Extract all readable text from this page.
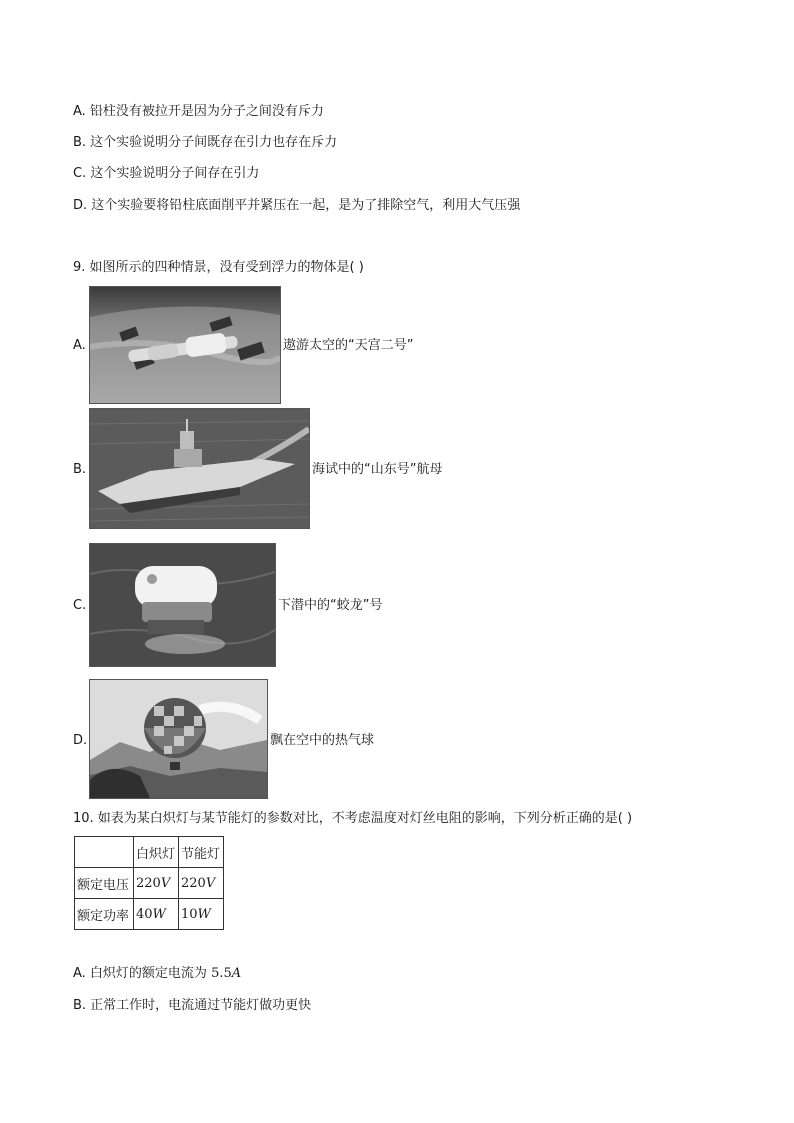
A. 铅柱没有被拉开是因为分子之间没有斥力
B. 这个实验说明分子间既存在引力也存在斥力
C. 这个实验说明分子间存在引力
D. 这个实验要将铅柱底面削平并紧压在一起，是为了排除空气，利用大气压强
9. 如图所示的四种情景，没有受到浮力的物体是( )
A.	遨游太空的“天宫二号”
B.	海试中的“山东号”航母
C.	下潜中的“蛟龙”号
D.	飘在空中的热气球
10. 如表为某白炽灯与某节能灯的参数对比，不考虑温度对灯丝电阻的影响，下列分析正确的是( )
	白炽灯	节能灯
额定电压	220V	220V
额定功率	40W	10W
A. 白炽灯的额定电流为 5.5A
B. 正常工作时，电流通过节能灯做功更快
